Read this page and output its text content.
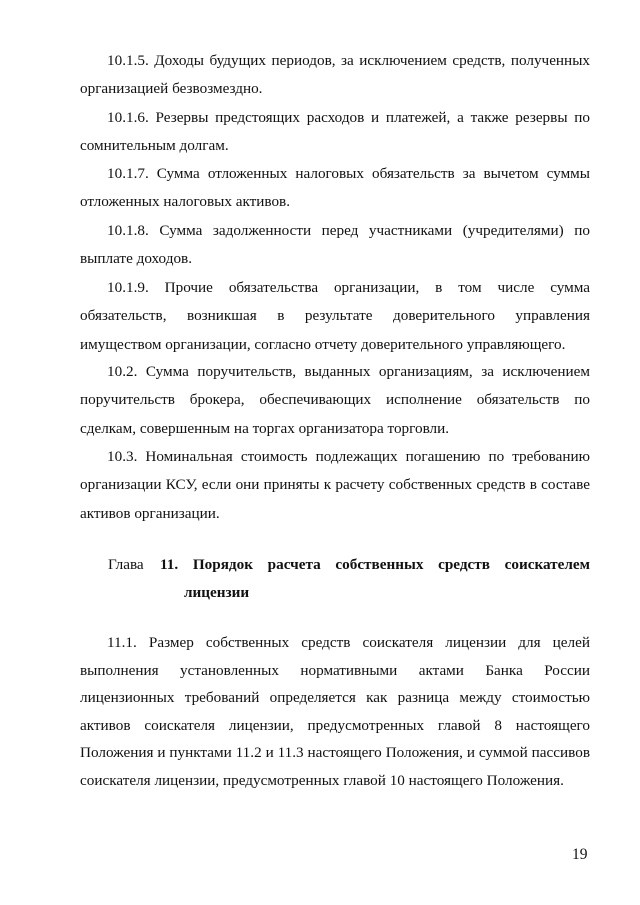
10.1.5. Доходы будущих периодов, за исключением средств, полученных организацией безвозмездно.

10.1.6. Резервы предстоящих расходов и платежей, а также резервы по сомнительным долгам.

10.1.7. Сумма отложенных налоговых обязательств за вычетом суммы отложенных налоговых активов.

10.1.8. Сумма задолженности перед участниками (учредителями) по выплате доходов.

10.1.9. Прочие обязательства организации, в том числе сумма обязательств, возникшая в результате доверительного управления имуществом организации, согласно отчету доверительного управляющего.

10.2. Сумма поручительств, выданных организациям, за исключением поручительств брокера, обеспечивающих исполнение обязательств по сделкам, совершенным на торгах организатора торговли.

10.3. Номинальная стоимость подлежащих погашению по требованию организации КСУ, если они приняты к расчету собственных средств в составе активов организации.

Глава 11. Порядок расчета собственных средств соискателем
лицензии

11.1. Размер собственных средств соискателя лицензии для целей выполнения установленных нормативными актами Банка России лицензионных требований определяется как разница между стоимостью активов соискателя лицензии, предусмотренных главой 8 настоящего Положения и пунктами 11.2 и 11.3 настоящего Положения, и суммой пассивов соискателя лицензии, предусмотренных главой 10 настоящего Положения.

19
